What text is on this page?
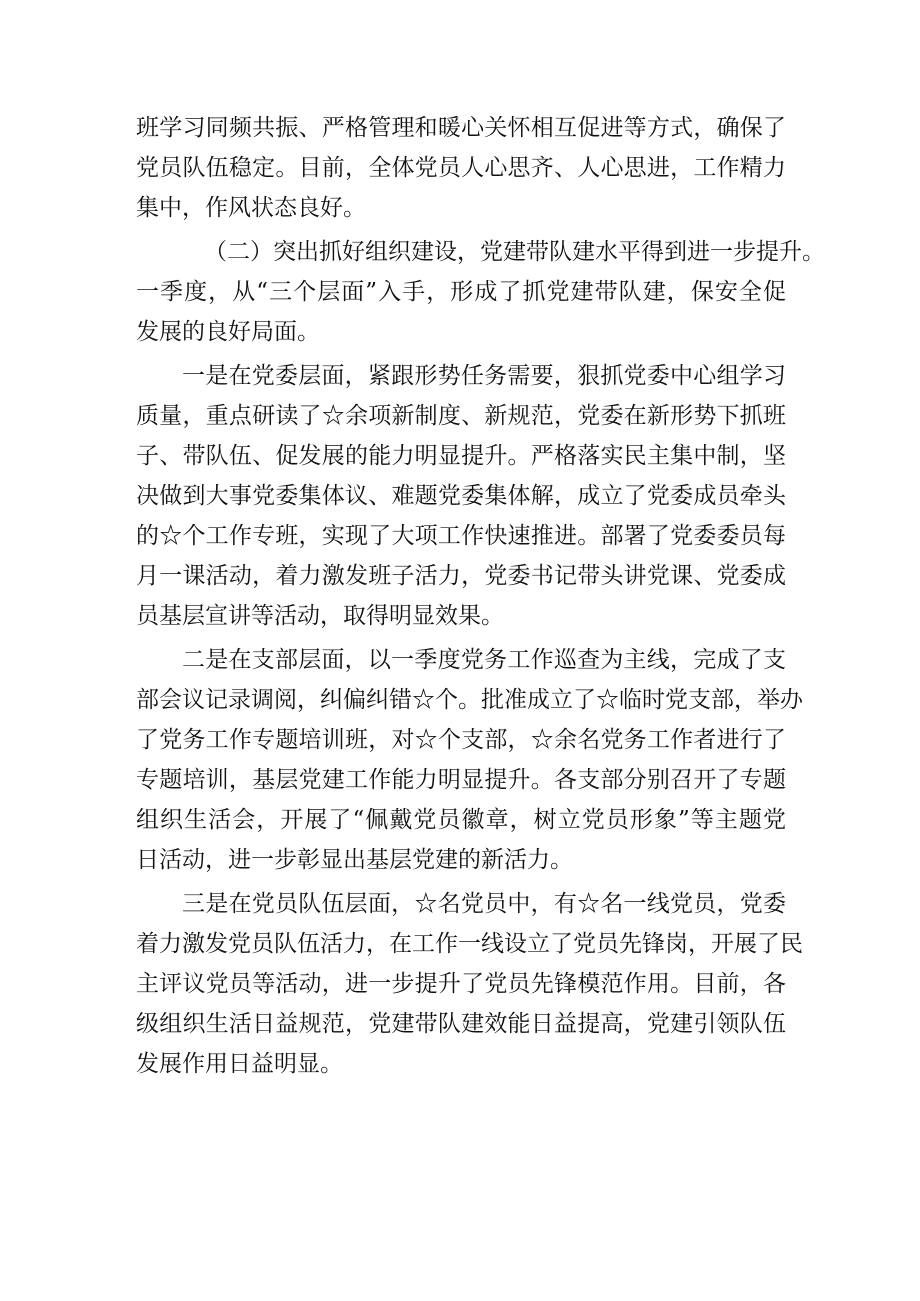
班学习同频共振、严格管理和暖心关怀相互促进等方式，确保了
党员队伍稳定。目前，全体党员人心思齐、人心思进，工作精力
集中，作风状态良好。
（二）突出抓好组织建设，党建带队建水平得到进一步提升。
一季度，从“三个层面”入手，形成了抓党建带队建，保安全促
发展的良好局面。
一是在党委层面，紧跟形势任务需要，狠抓党委中心组学习
质量，重点研读了☆余项新制度、新规范，党委在新形势下抓班
子、带队伍、促发展的能力明显提升。严格落实民主集中制，坚
决做到大事党委集体议、难题党委集体解，成立了党委成员牵头
的☆个工作专班，实现了大项工作快速推进。部署了党委委员每
月一课活动，着力激发班子活力，党委书记带头讲党课、党委成
员基层宣讲等活动，取得明显效果。
二是在支部层面，以一季度党务工作巡查为主线，完成了支
部会议记录调阅，纠偏纠错☆个。批准成立了☆临时党支部，举办
了党务工作专题培训班，对☆个支部，☆余名党务工作者进行了
专题培训，基层党建工作能力明显提升。各支部分别召开了专题
组织生活会，开展了“佩戴党员徽章，树立党员形象”等主题党
日活动，进一步彰显出基层党建的新活力。
三是在党员队伍层面，☆名党员中，有☆名一线党员，党委
着力激发党员队伍活力，在工作一线设立了党员先锋岗，开展了民
主评议党员等活动，进一步提升了党员先锋模范作用。目前，各
级组织生活日益规范，党建带队建效能日益提高，党建引领队伍
发展作用日益明显。
